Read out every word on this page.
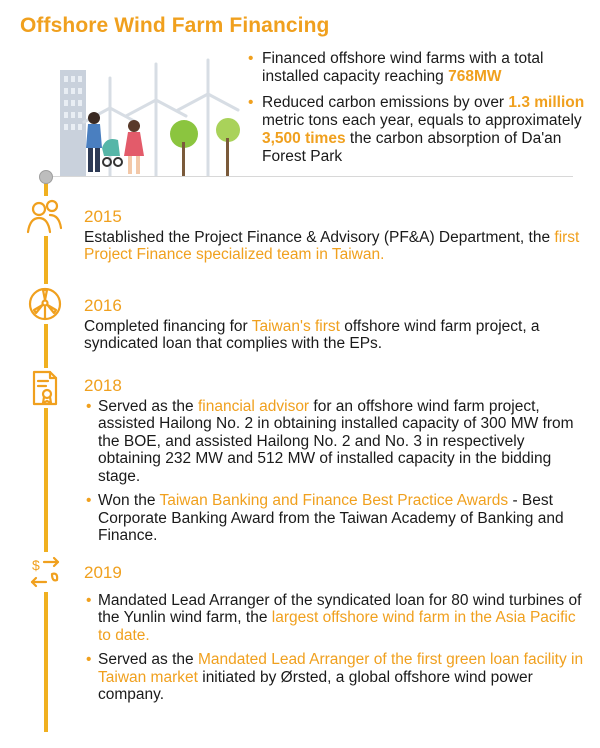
Offshore Wind Farm Financing
• Financed offshore wind farms with a total installed capacity reaching 768MW
• Reduced carbon emissions by over 1.3 million metric tons each year, equals to approximately 3,500 times the carbon absorption of Da'an Forest Park
2015
Established the Project Finance & Advisory (PF&A) Department, the first Project Finance specialized team in Taiwan.
2016
Completed financing for Taiwan's first offshore wind farm project, a syndicated loan that complies with the EPs.
2018
• Served as the financial advisor for an offshore wind farm project, assisted Hailong No. 2 in obtaining installed capacity of 300 MW from the BOE, and assisted Hailong No. 2 and No. 3 in respectively obtaining 232 MW and 512 MW of installed capacity in the bidding stage.
• Won the Taiwan Banking and Finance Best Practice Awards - Best Corporate Banking Award from the Taiwan Academy of Banking and Finance.
$	2019
• Mandated Lead Arranger of the syndicated loan for 80 wind turbines of the Yunlin wind farm, the largest offshore wind farm in the Asia Pacific to date.
• Served as the Mandated Lead Arranger of the first green loan facility in Taiwan market initiated by Ørsted, a global offshore wind power company.
